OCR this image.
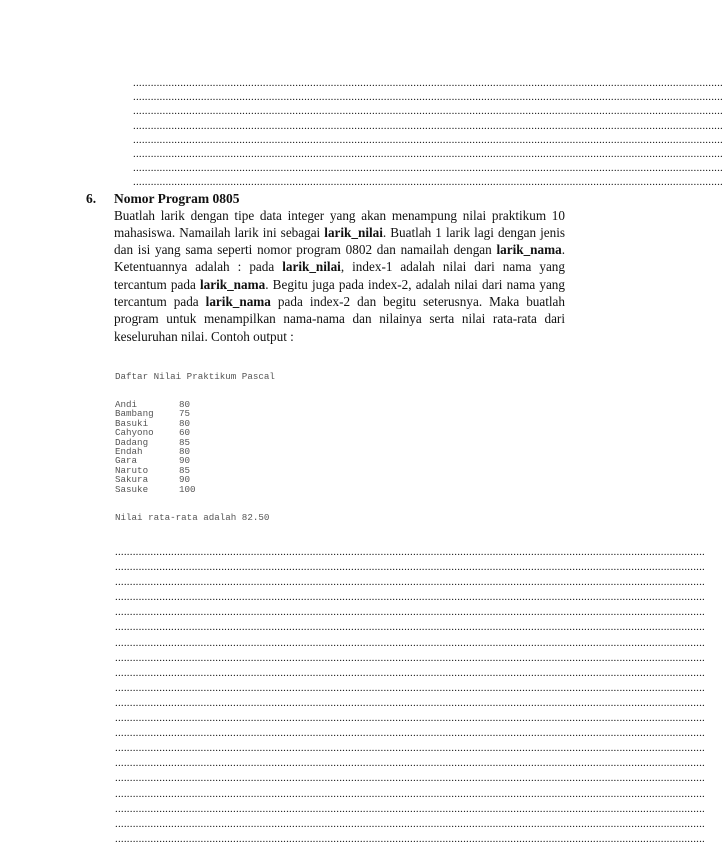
........................................................................................................................................................................................................
........................................................................................................................................................................................................
........................................................................................................................................................................................................
........................................................................................................................................................................................................
........................................................................................................................................................................................................
........................................................................................................................................................................................................
........................................................................................................................................................................................................
........................................................................................................................................................................................................
6. Nomor Program 0805
Buatlah larik dengan tipe data integer yang akan menampung nilai praktikum 10 mahasiswa. Namailah larik ini sebagai larik_nilai. Buatlah 1 larik lagi dengan jenis dan isi yang sama seperti nomor program 0802 dan namailah dengan larik_nama. Ketentuannya adalah : pada larik_nilai, index-1 adalah nilai dari nama yang tercantum pada larik_nama. Begitu juga pada index-2, adalah nilai dari nama yang tercantum pada larik_nama pada index-2 dan begitu seterusnya. Maka buatlah program untuk menampilkan nama-nama dan nilainya serta nilai rata-rata dari keseluruhan nilai. Contoh output :

Daftar Nilai Praktikum Pascal

Andi	80
Bambang	75
Basuki	80
Cahyono	60
Dadang	85
Endah	80
Gara	90
Naruto	85
Sakura	90
Sasuke	100

Nilai rata-rata adalah 82.50

........................................................................................................................................................................................................
........................................................................................................................................................................................................
........................................................................................................................................................................................................
........................................................................................................................................................................................................
........................................................................................................................................................................................................
........................................................................................................................................................................................................
........................................................................................................................................................................................................
........................................................................................................................................................................................................
........................................................................................................................................................................................................
........................................................................................................................................................................................................
........................................................................................................................................................................................................
........................................................................................................................................................................................................
........................................................................................................................................................................................................
........................................................................................................................................................................................................
........................................................................................................................................................................................................
........................................................................................................................................................................................................
........................................................................................................................................................................................................
........................................................................................................................................................................................................
........................................................................................................................................................................................................
........................................................................................................................................................................................................
